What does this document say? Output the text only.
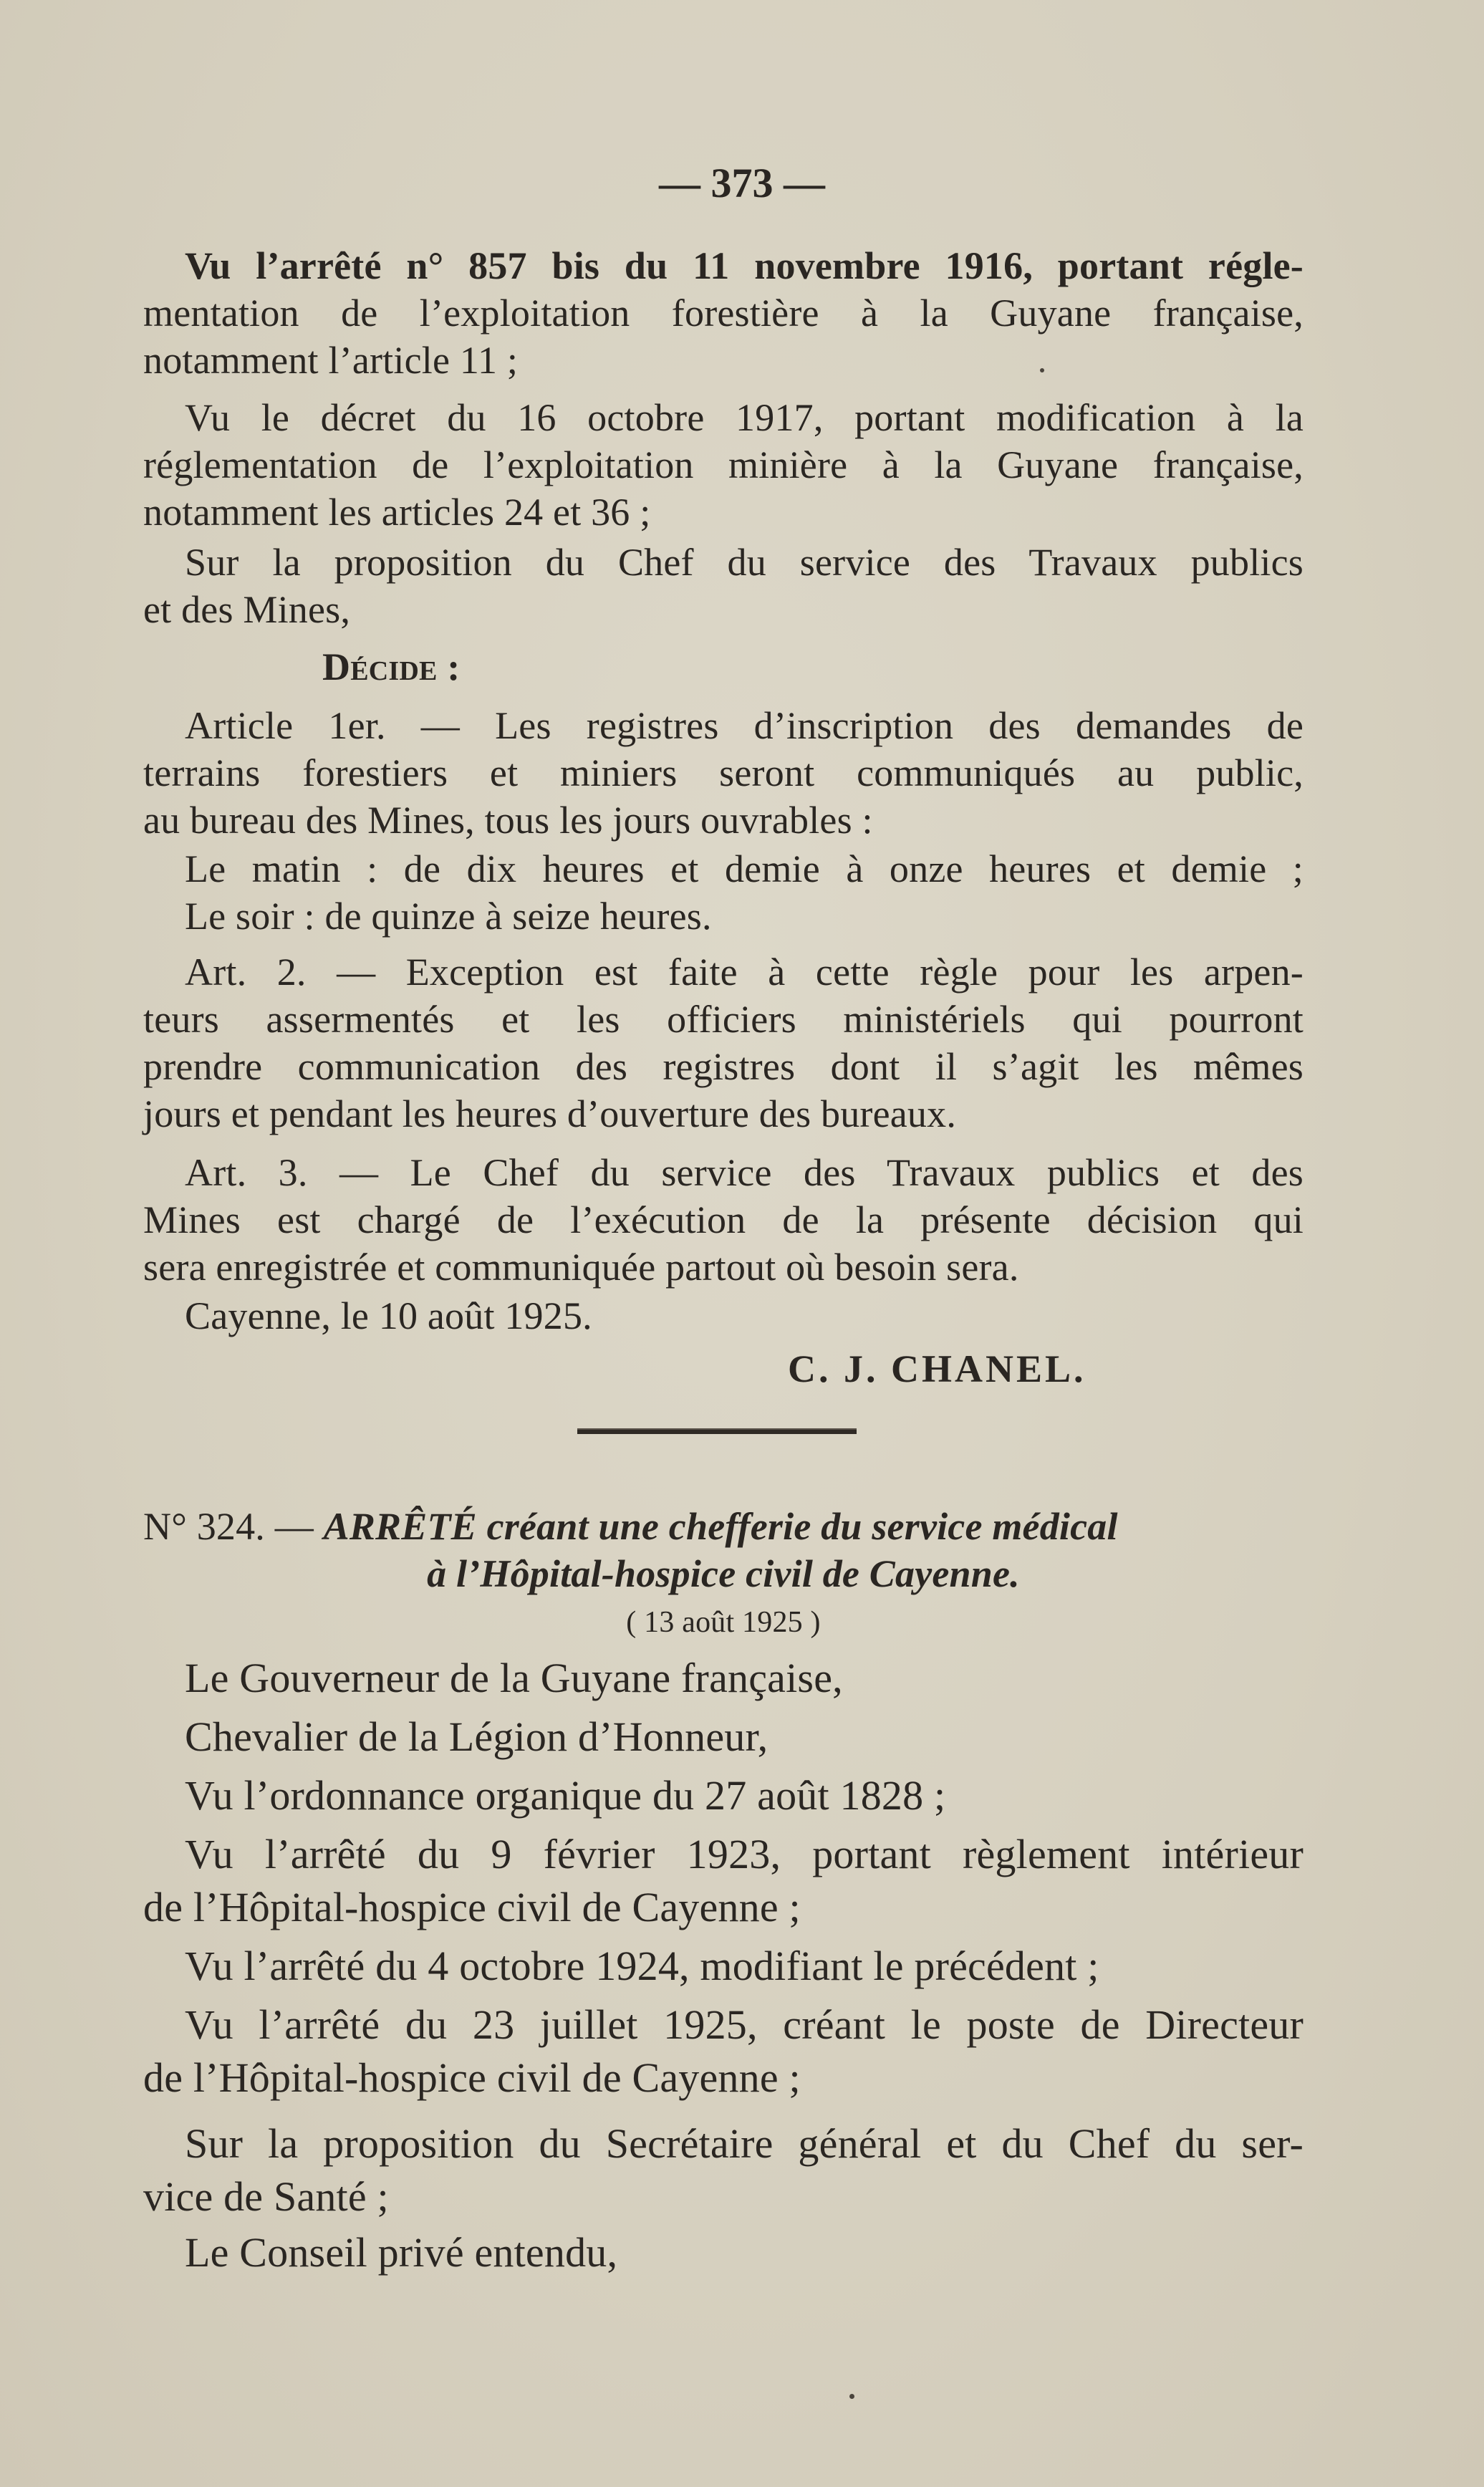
— 373 —
Vu l’arrêté n° 857 bis du 11 novembre 1916, portant régle-
mentation de l’exploitation forestière à la Guyane française,
notamment l’article 11 ;
Vu le décret du 16 octobre 1917, portant modification à la
réglementation de l’exploitation minière à la Guyane française,
notamment les articles 24 et 36 ;
Sur la proposition du Chef du service des Travaux publics
et des Mines,
Décide :
Article 1er. — Les registres d’inscription des demandes de
terrains forestiers et miniers seront communiqués au public,
au bureau des Mines, tous les jours ouvrables :
Le matin : de dix heures et demie à onze heures et demie ;
Le soir : de quinze à seize heures.
Art. 2. — Exception est faite à cette règle pour les arpen-
teurs assermentés et les officiers ministériels qui pourront
prendre communication des registres dont il s’agit les mêmes
jours et pendant les heures d’ouverture des bureaux.
Art. 3. — Le Chef du service des Travaux publics et des
Mines est chargé de l’exécution de la présente décision qui
sera enregistrée et communiquée partout où besoin sera.
Cayenne, le 10 août 1925.
C. J. CHANEL.
N° 324. — ARRÊTÉ créant une chefferie du service médical
à l’Hôpital-hospice civil de Cayenne.
( 13 août 1925 )
Le Gouverneur de la Guyane française,
Chevalier de la Légion d’Honneur,
Vu l’ordonnance organique du 27 août 1828 ;
Vu l’arrêté du 9 février 1923, portant règlement intérieur
de l’Hôpital-hospice civil de Cayenne ;
Vu l’arrêté du 4 octobre 1924, modifiant le précédent ;
Vu l’arrêté du 23 juillet 1925, créant le poste de Directeur
de l’Hôpital-hospice civil de Cayenne ;
Sur la proposition du Secrétaire général et du Chef du ser-
vice de Santé ;
Le Conseil privé entendu,
